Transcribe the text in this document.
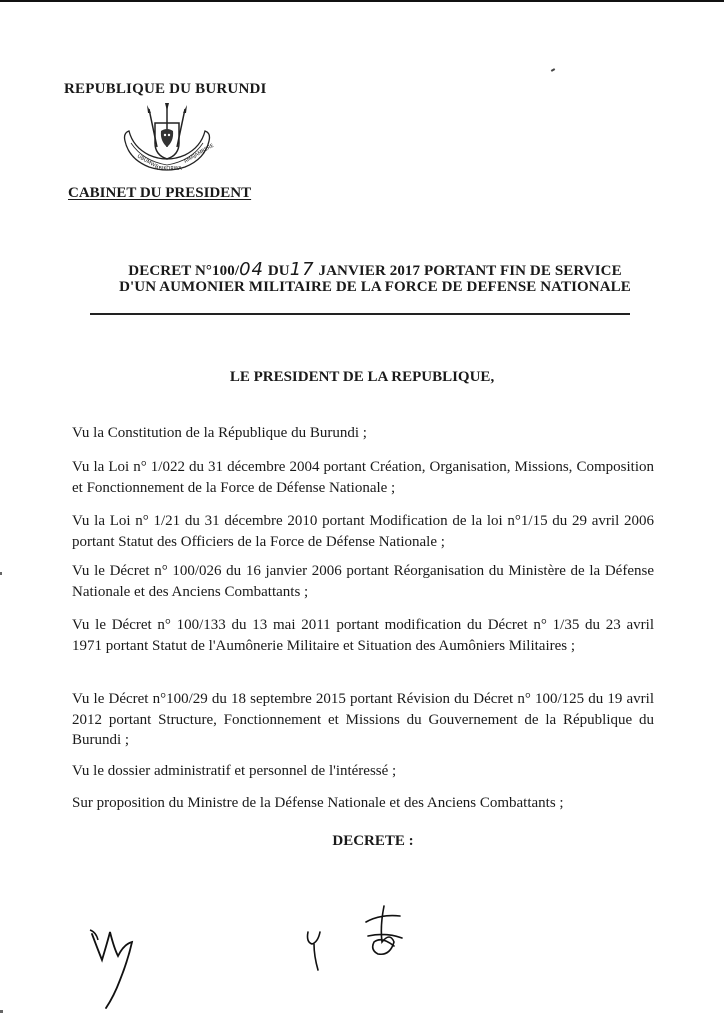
REPUBLIQUE DU BURUNDI
UBUMWE
IBIKORWA
AMAJAMBERE
CABINET DU PRESIDENT
DECRET N°100/04 DU17 JANVIER 2017 PORTANT FIN DE SERVICE
D'UN AUMONIER MILITAIRE DE LA FORCE DE DEFENSE NATIONALE
LE PRESIDENT DE LA REPUBLIQUE,

Vu la Constitution de la République du Burundi ;

Vu la Loi n° 1/022 du 31 décembre 2004 portant Création, Organisation, Missions, Composition et Fonctionnement de la Force de Défense Nationale ;

Vu la Loi n° 1/21 du 31 décembre 2010 portant Modification de la loi n°1/15 du 29 avril 2006 portant Statut des Officiers de la Force de Défense Nationale ;

Vu le Décret n° 100/026 du 16 janvier 2006 portant Réorganisation du Ministère de la Défense Nationale et des Anciens Combattants ;

Vu le Décret n° 100/133 du 13 mai 2011 portant modification du Décret n° 1/35 du 23 avril 1971 portant Statut de l'Aumônerie Militaire et Situation des Aumôniers Militaires ;

Vu le Décret n°100/29 du 18 septembre 2015 portant Révision du Décret n° 100/125 du 19 avril 2012 portant Structure, Fonctionnement et Missions du Gouvernement de la République du Burundi ;

Vu le dossier administratif et personnel de l'intéressé ;

Sur proposition du Ministre de la Défense Nationale et des Anciens Combattants ;

DECRETE :
